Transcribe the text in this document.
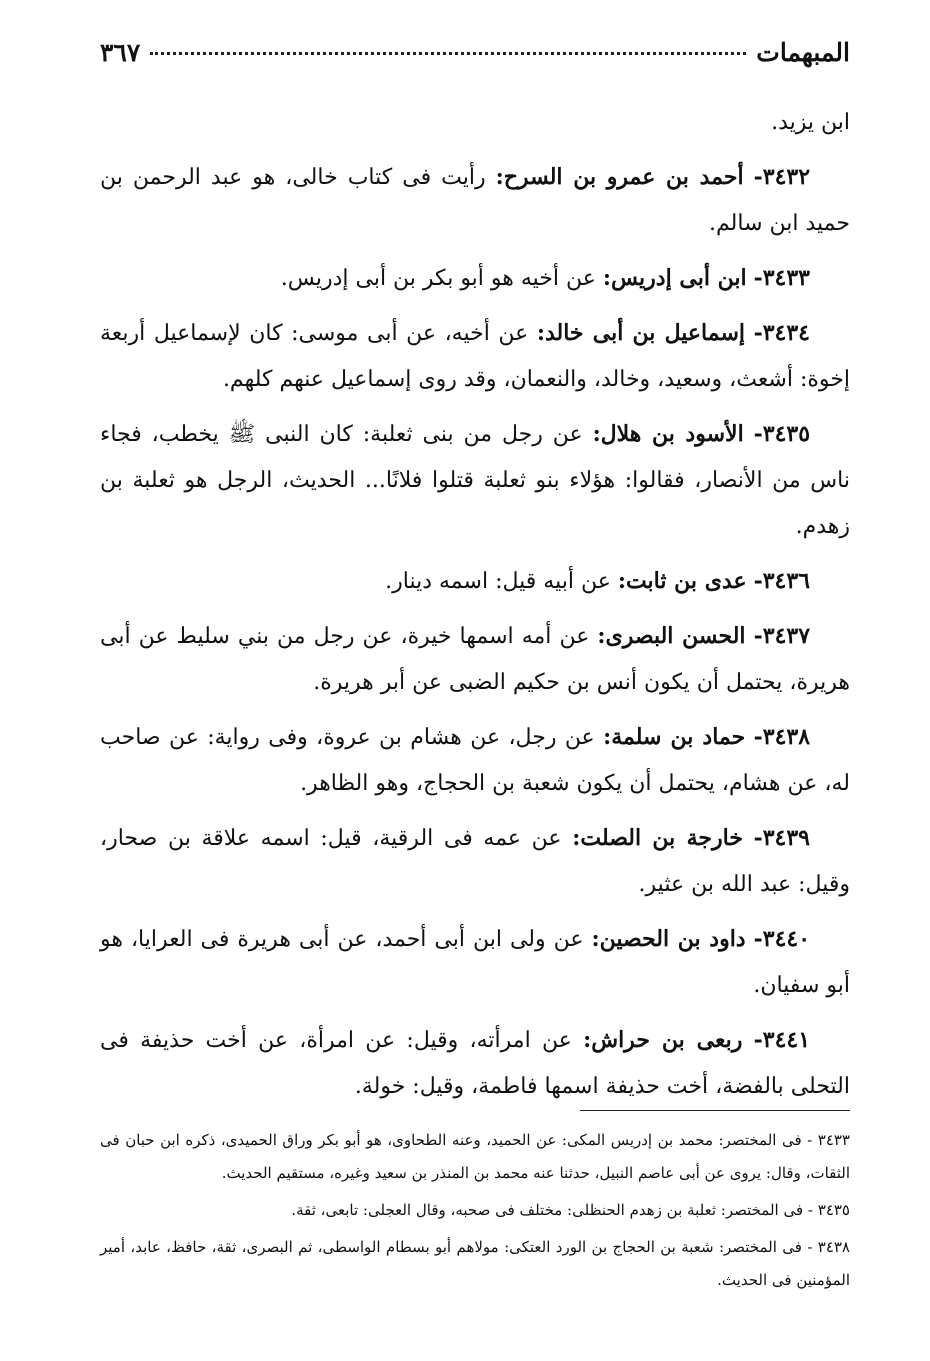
المبهمات
٣٦٧

ابن يزيد.

٣٤٣٢- أحمد بن عمرو بن السرح: رأيت فى كتاب خالى، هو عبد الرحمن بن حميد ابن سالم.

٣٤٣٣- ابن أبى إدريس: عن أخيه هو أبو بكر بن أبى إدريس.

٣٤٣٤- إسماعيل بن أبى خالد: عن أخيه، عن أبى موسى: كان لإسماعيل أربعة إخوة: أشعث، وسعيد، وخالد، والنعمان، وقد روى إسماعيل عنهم كلهم.

٣٤٣٥- الأسود بن هلال: عن رجل من بنى ثعلبة: كان النبى ﷺ يخطب، فجاء ناس من الأنصار، فقالوا: هؤلاء بنو ثعلبة قتلوا فلانًا... الحديث، الرجل هو ثعلبة بن زهدم.

٣٤٣٦- عدى بن ثابت: عن أبيه قيل: اسمه دينار.

٣٤٣٧- الحسن البصرى: عن أمه اسمها خيرة، عن رجل من بني سليط عن أبى هريرة، يحتمل أن يكون أنس بن حكيم الضبى عن أبر هريرة.

٣٤٣٨- حماد بن سلمة: عن رجل، عن هشام بن عروة، وفى رواية: عن صاحب له، عن هشام، يحتمل أن يكون شعبة بن الحجاج، وهو الظاهر.

٣٤٣٩- خارجة بن الصلت: عن عمه فى الرقية، قيل: اسمه علاقة بن صحار، وقيل: عبد الله بن عثير.

٣٤٤٠- داود بن الحصين: عن ولى ابن أبى أحمد، عن أبى هريرة فى العرايا، هو أبو سفيان.

٣٤٤١- ربعى بن حراش: عن امرأته، وقيل: عن امرأة، عن أخت حذيفة فى التحلى بالفضة، أخت حذيفة اسمها فاطمة، وقيل: خولة.

٣٤٣٣ - فى المختصر: محمد بن إدريس المكى: عن الحميد، وعنه الطحاوى، هو أبو بكر وراق الحميدى، ذكره ابن حبان فى الثقات، وقال: يروى عن أبى عاصم النبيل، حدثنا عنه محمد بن المنذر بن سعيد وغيره، مستقيم الحديث.

٣٤٣٥ - فى المختصر: ثعلبة بن زهدم الحنظلى: مختلف فى صحبه، وقال العجلى: تابعى، ثقة.

٣٤٣٨ - فى المختصر: شعبة بن الحجاج بن الورد العتكى: مولاهم أبو بسطام الواسطى، ثم البصرى، ثقة، حافظ، عابد، أمير المؤمنين فى الحديث.
